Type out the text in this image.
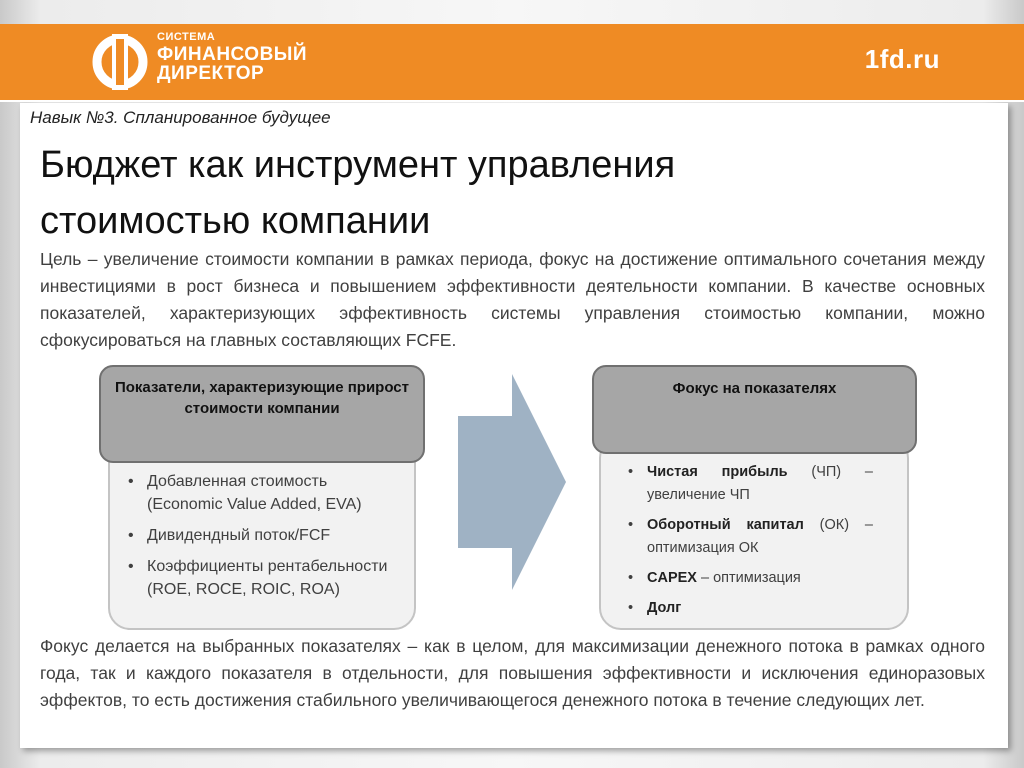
СИСТЕМА
ФИНАНСОВЫЙ
ДИРЕКТОР	1fd.ru
Навык №3. Спланированное будущее
Бюджет как инструмент управления
стоимостью компании
Цель – увеличение стоимости компании в рамках периода, фокус на достижение оптимального сочетания между инвестициями в рост бизнеса и повышением эффективности деятельности компании. В качестве основных показателей, характеризующих эффективность системы управления стоимостью компании, можно сфокусироваться на главных составляющих FCFE.
Показатели, характеризующие прирост стоимости компании
• Добавленная стоимость (Economic Value Added, EVA)
• Дивидендный поток/FCF
• Коэффициенты рентабельности (ROE, ROCE, ROIC, ROA)
Фокус на показателях
• Чистая прибыль (ЧП) – увеличение ЧП
• Оборотный капитал (ОК) – оптимизация ОК
• CAPEX – оптимизация
• Долг
Фокус делается на выбранных показателях – как в целом, для максимизации денежного потока в рамках одного года, так и каждого показателя в отдельности, для повышения эффективности и исключения единоразовых эффектов, то есть достижения стабильного увеличивающегося денежного потока в течение следующих лет.
